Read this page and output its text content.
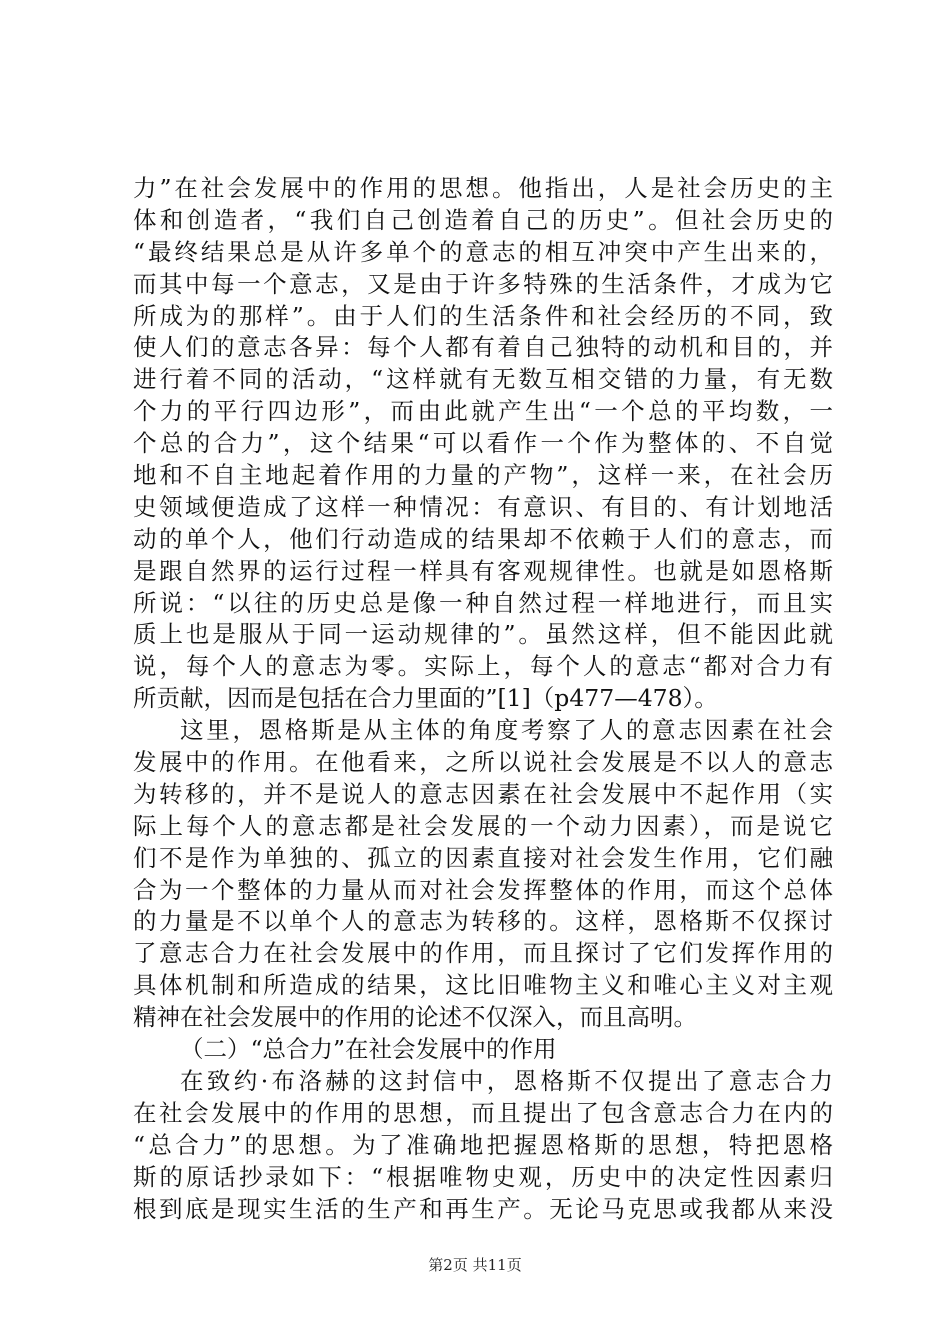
力”在社会发展中的作用的思想。他指出，人是社会历史的主
体和创造者，“我们自己创造着自己的历史”。但社会历史的
“最终结果总是从许多单个的意志的相互冲突中产生出来的，
而其中每一个意志，又是由于许多特殊的生活条件，才成为它
所成为的那样”。由于人们的生活条件和社会经历的不同，致
使人们的意志各异：每个人都有着自己独特的动机和目的，并
进行着不同的活动，“这样就有无数互相交错的力量，有无数
个力的平行四边形”，而由此就产生出“一个总的平均数，一
个总的合力”，这个结果“可以看作一个作为整体的、不自觉
地和不自主地起着作用的力量的产物”，这样一来，在社会历
史领域便造成了这样一种情况：有意识、有目的、有计划地活
动的单个人，他们行动造成的结果却不依赖于人们的意志，而
是跟自然界的运行过程一样具有客观规律性。也就是如恩格斯
所说：“以往的历史总是像一种自然过程一样地进行，而且实
质上也是服从于同一运动规律的”。虽然这样，但不能因此就
说，每个人的意志为零。实际上，每个人的意志“都对合力有
所贡献，因而是包括在合力里面的”[1]（p477—478）。
这里，恩格斯是从主体的角度考察了人的意志因素在社会
发展中的作用。在他看来，之所以说社会发展是不以人的意志
为转移的，并不是说人的意志因素在社会发展中不起作用（实
际上每个人的意志都是社会发展的一个动力因素），而是说它
们不是作为单独的、孤立的因素直接对社会发生作用，它们融
合为一个整体的力量从而对社会发挥整体的作用，而这个总体
的力量是不以单个人的意志为转移的。这样，恩格斯不仅探讨
了意志合力在社会发展中的作用，而且探讨了它们发挥作用的
具体机制和所造成的结果，这比旧唯物主义和唯心主义对主观
精神在社会发展中的作用的论述不仅深入，而且高明。
（二）“总合力”在社会发展中的作用
在致约·布洛赫的这封信中，恩格斯不仅提出了意志合力
在社会发展中的作用的思想，而且提出了包含意志合力在内的
“总合力”的思想。为了准确地把握恩格斯的思想，特把恩格
斯的原话抄录如下：“根据唯物史观，历史中的决定性因素归
根到底是现实生活的生产和再生产。无论马克思或我都从来没
第2页 共11页
